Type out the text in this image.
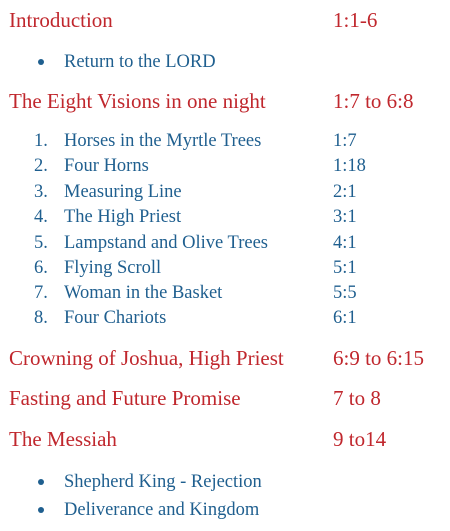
Introduction	1:1-6
Return to the LORD
The Eight Visions in one night	1:7 to 6:8
1. Horses in the Myrtle Trees	1:7
2. Four Horns	1:18
3. Measuring Line	2:1
4. The High Priest	3:1
5. Lampstand and Olive Trees	4:1
6. Flying Scroll	5:1
7. Woman in the Basket	5:5
8. Four Chariots	6:1
Crowning of Joshua, High Priest 6:9 to 6:15
Fasting and Future Promise	7 to 8
The Messiah	9 to14
Shepherd King - Rejection
Deliverance and Kingdom
